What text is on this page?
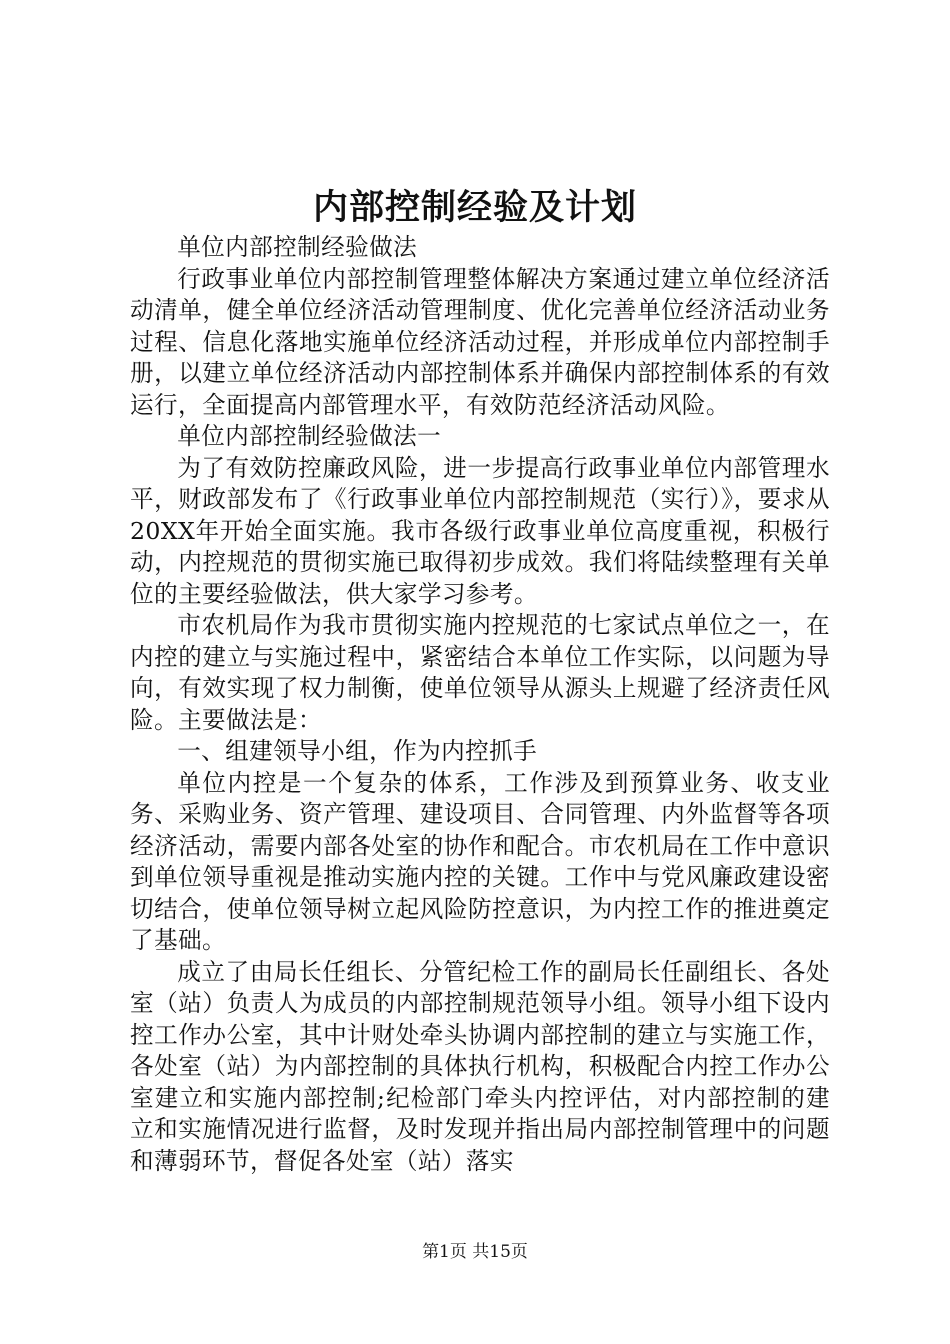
内部控制经验及计划

单位内部控制经验做法

行政事业单位内部控制管理整体解决方案通过建立单位经济活动清单，健全单位经济活动管理制度、优化完善单位经济活动业务过程、信息化落地实施单位经济活动过程，并形成单位内部控制手册，以建立单位经济活动内部控制体系并确保内部控制体系的有效运行，全面提高内部管理水平，有效防范经济活动风险。

单位内部控制经验做法一

为了有效防控廉政风险，进一步提高行政事业单位内部管理水平，财政部发布了《行政事业单位内部控制规范（实行）》，要求从20XX年开始全面实施。我市各级行政事业单位高度重视，积极行动，内控规范的贯彻实施已取得初步成效。我们将陆续整理有关单位的主要经验做法，供大家学习参考。

市农机局作为我市贯彻实施内控规范的七家试点单位之一，在内控的建立与实施过程中，紧密结合本单位工作实际，以问题为导向，有效实现了权力制衡，使单位领导从源头上规避了经济责任风险。主要做法是：

一、组建领导小组，作为内控抓手

单位内控是一个复杂的体系，工作涉及到预算业务、收支业务、采购业务、资产管理、建设项目、合同管理、内外监督等各项经济活动，需要内部各处室的协作和配合。市农机局在工作中意识到单位领导重视是推动实施内控的关键。工作中与党风廉政建设密切结合，使单位领导树立起风险防控意识，为内控工作的推进奠定了基础。

成立了由局长任组长、分管纪检工作的副局长任副组长、各处室（站）负责人为成员的内部控制规范领导小组。领导小组下设内控工作办公室，其中计财处牵头协调内部控制的建立与实施工作，各处室（站）为内部控制的具体执行机构，积极配合内控工作办公室建立和实施内部控制;纪检部门牵头内控评估，对内部控制的建立和实施情况进行监督，及时发现并指出局内部控制管理中的问题和薄弱环节，督促各处室（站）落实

第1页 共15页
